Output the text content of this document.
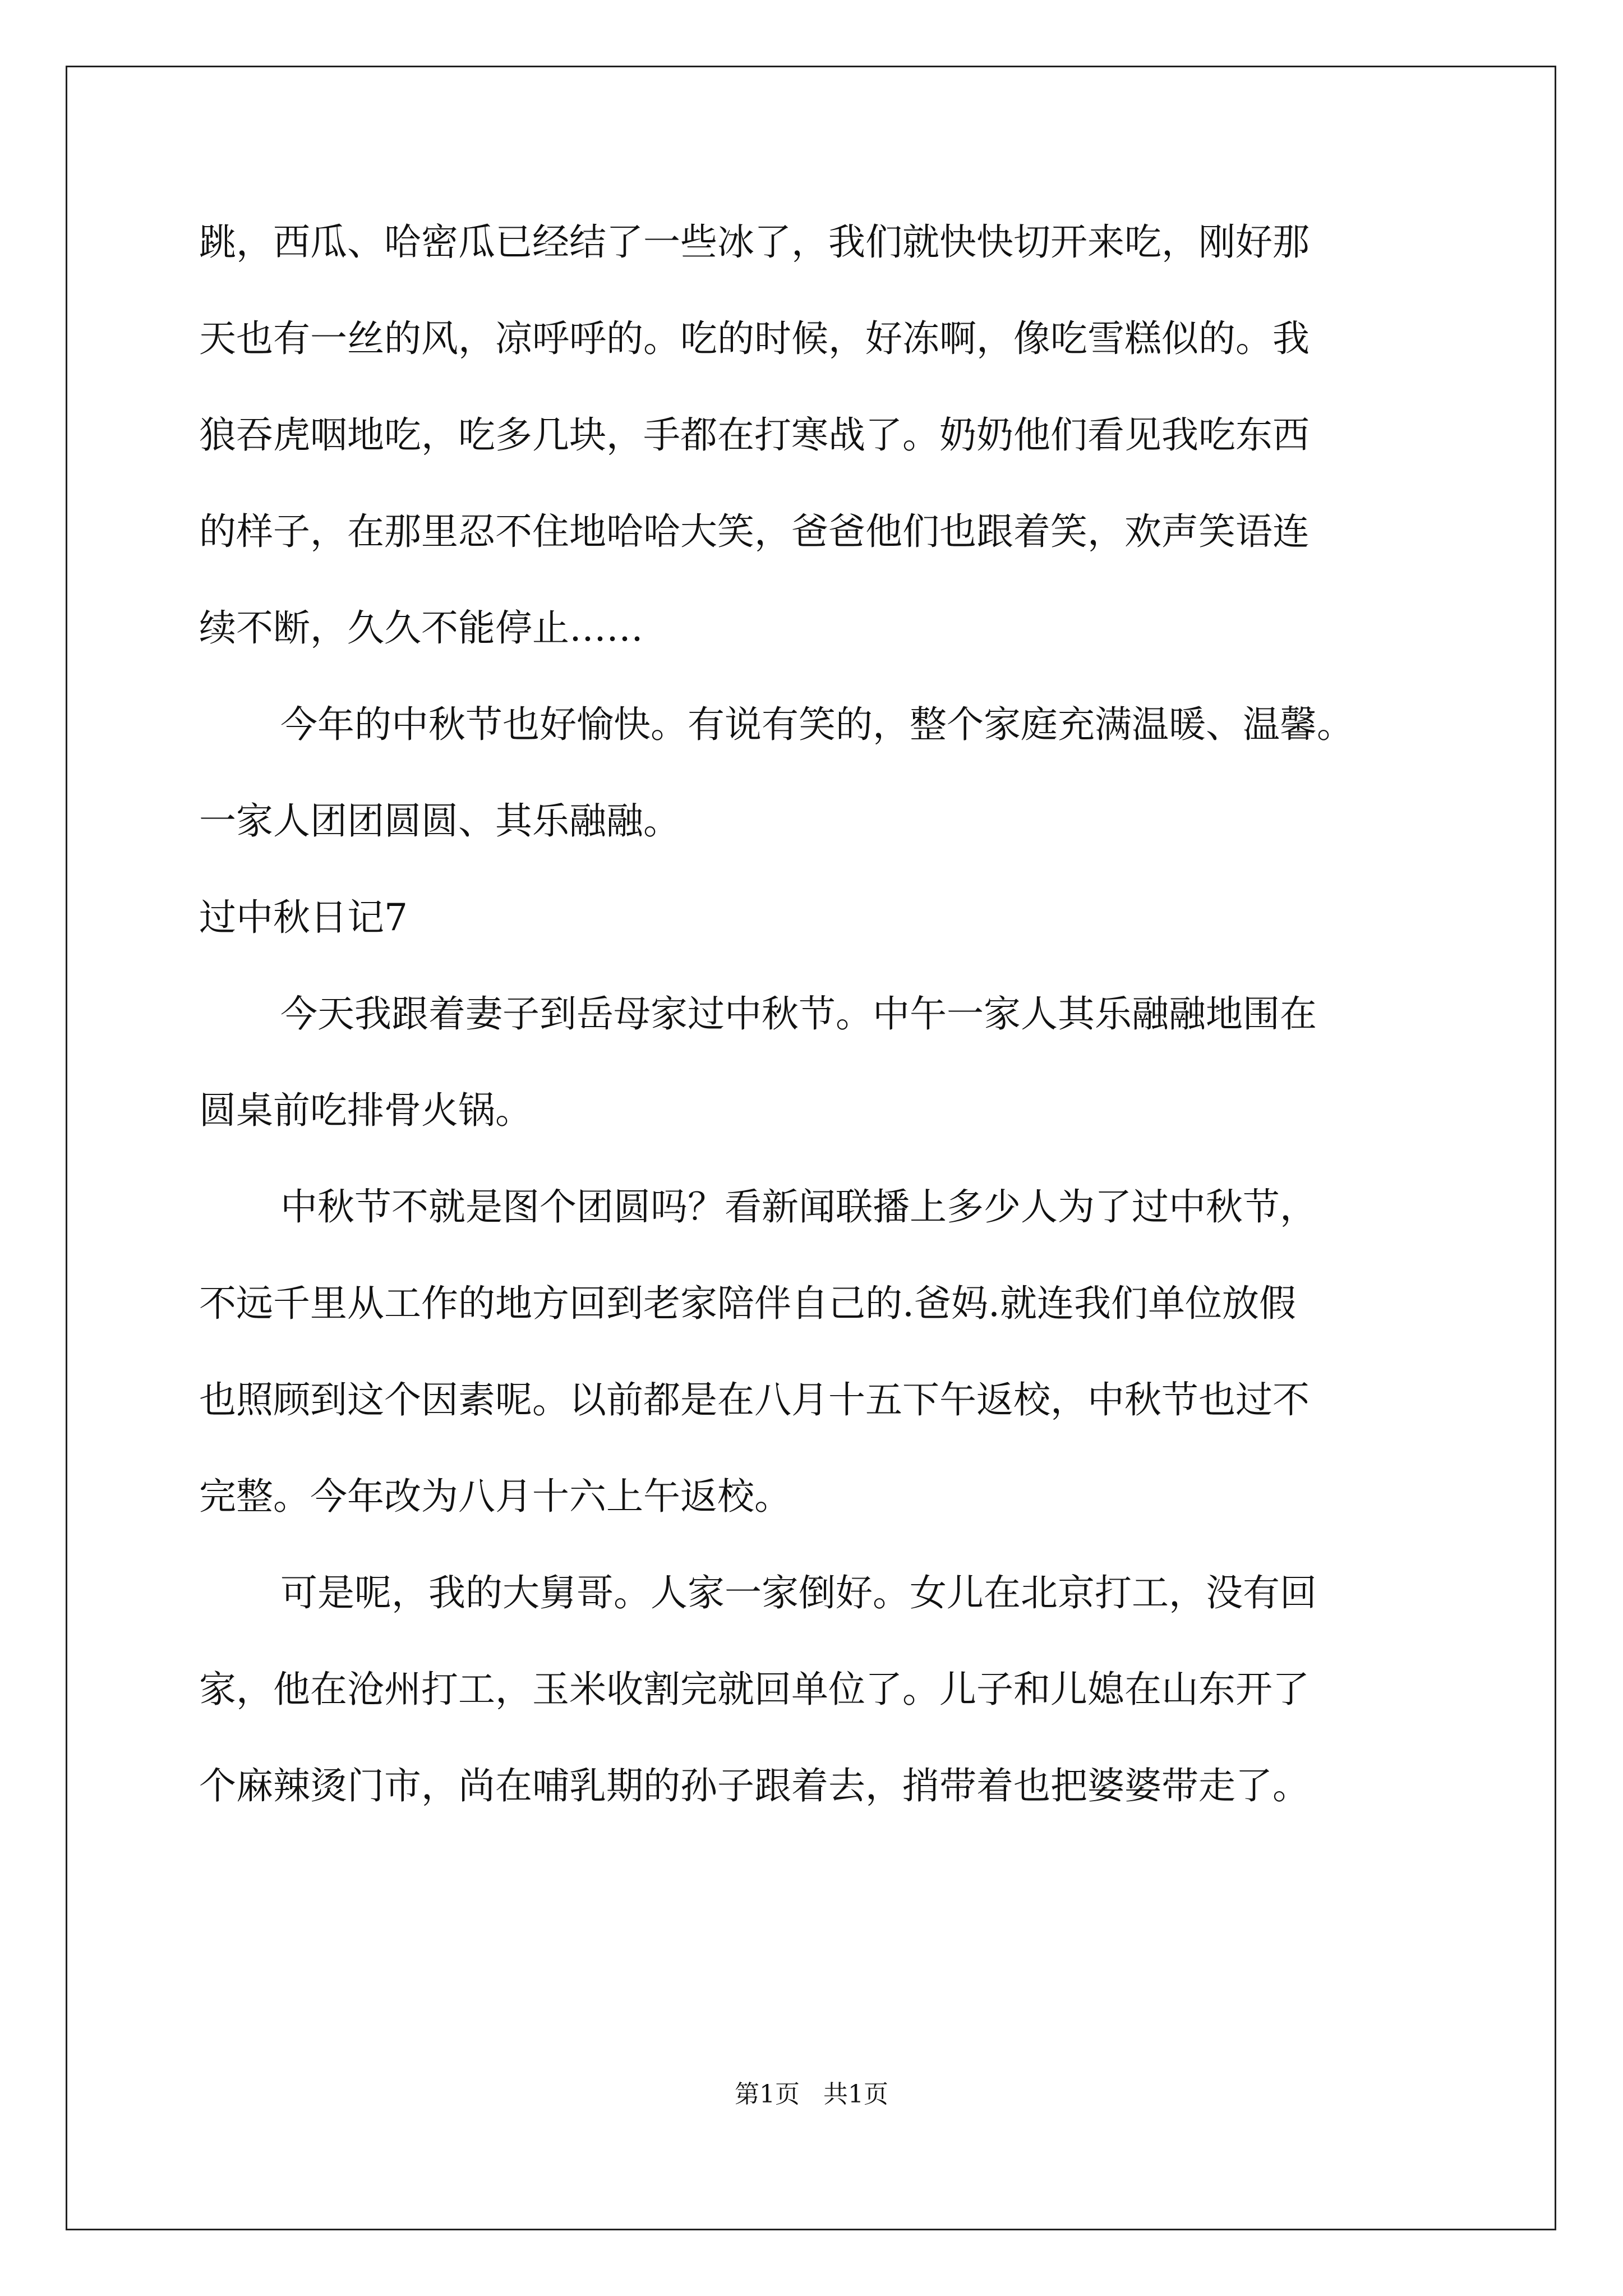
跳，西瓜、哈密瓜已经结了一些冰了，我们就快快切开来吃，刚好那
天也有一丝的风，凉呼呼的。吃的时候，好冻啊，像吃雪糕似的。我
狼吞虎咽地吃，吃多几块，手都在打寒战了。奶奶他们看见我吃东西
的样子，在那里忍不住地哈哈大笑，爸爸他们也跟着笑，欢声笑语连
续不断，久久不能停止……
今年的中秋节也好愉快。有说有笑的，整个家庭充满温暖、温馨。
一家人团团圆圆、其乐融融。
过中秋日记7
今天我跟着妻子到岳母家过中秋节。中午一家人其乐融融地围在
圆桌前吃排骨火锅。
中秋节不就是图个团圆吗？看新闻联播上多少人为了过中秋节，
不远千里从工作的地方回到老家陪伴自己的.爸妈.就连我们单位放假
也照顾到这个因素呢。以前都是在八月十五下午返校，中秋节也过不
完整。今年改为八月十六上午返校。
可是呢，我的大舅哥。人家一家倒好。女儿在北京打工，没有回
家，他在沧州打工，玉米收割完就回单位了。儿子和儿媳在山东开了
个麻辣烫门市，尚在哺乳期的孙子跟着去，捎带着也把婆婆带走了。
第1页   共1页
